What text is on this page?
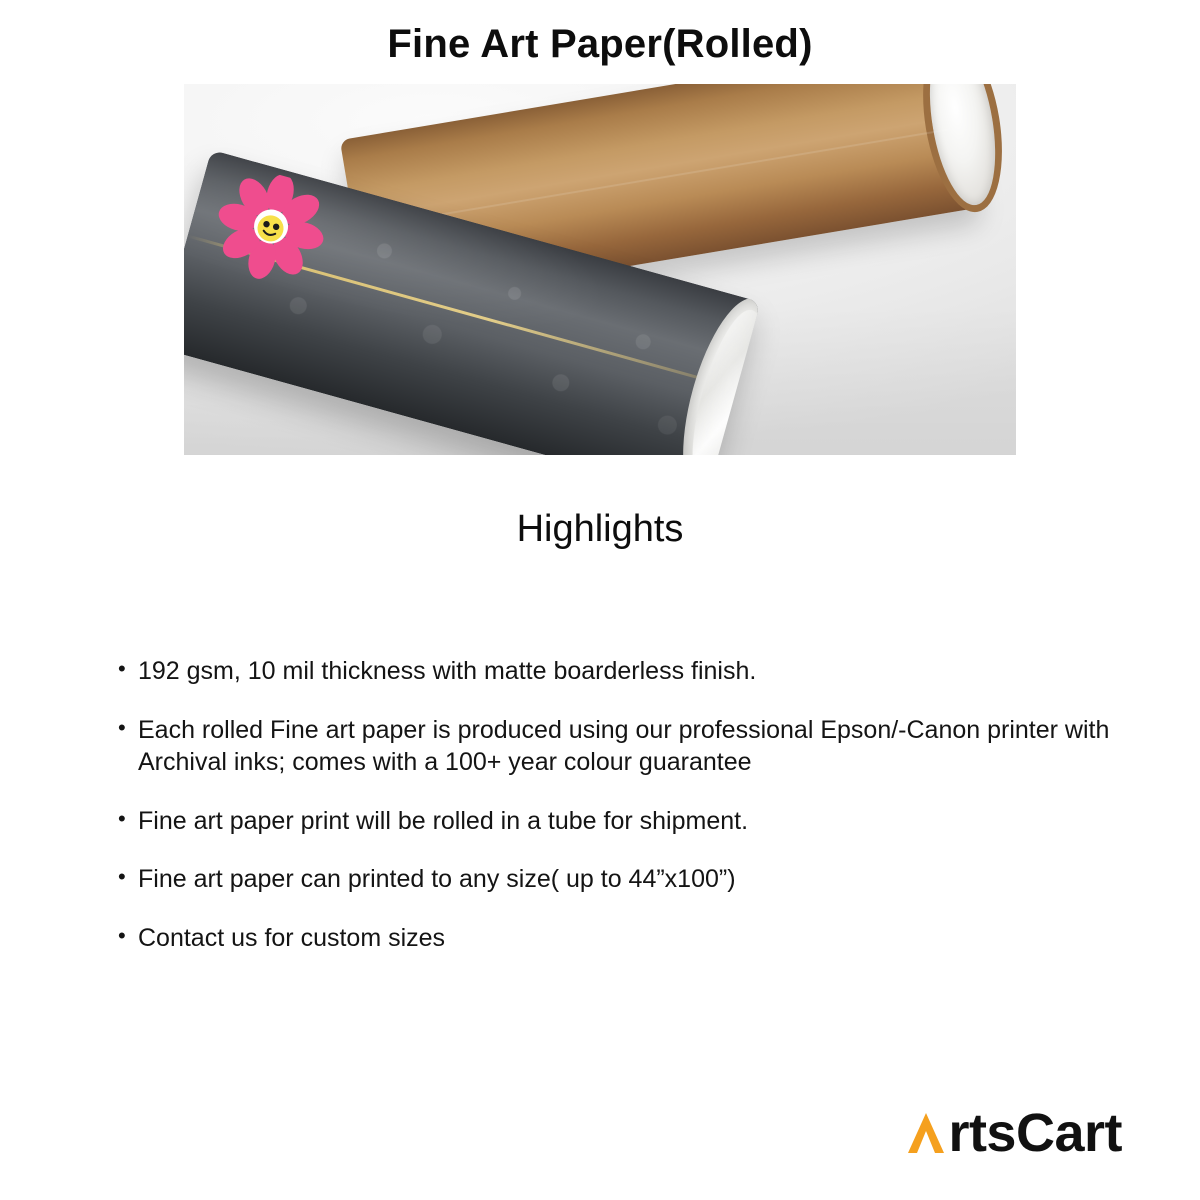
Fine Art Paper(Rolled)
Highlights
• 192 gsm, 10 mil thickness with matte boarderless finish.
• Each rolled Fine art paper is produced using our professional Epson/-Canon printer with Archival inks; comes with a 100+ year colour guarantee
• Fine art paper print will be rolled in a tube for shipment.
• Fine art paper can printed to any size( up to 44”x100”)
• Contact us for custom sizes
rtsCart
